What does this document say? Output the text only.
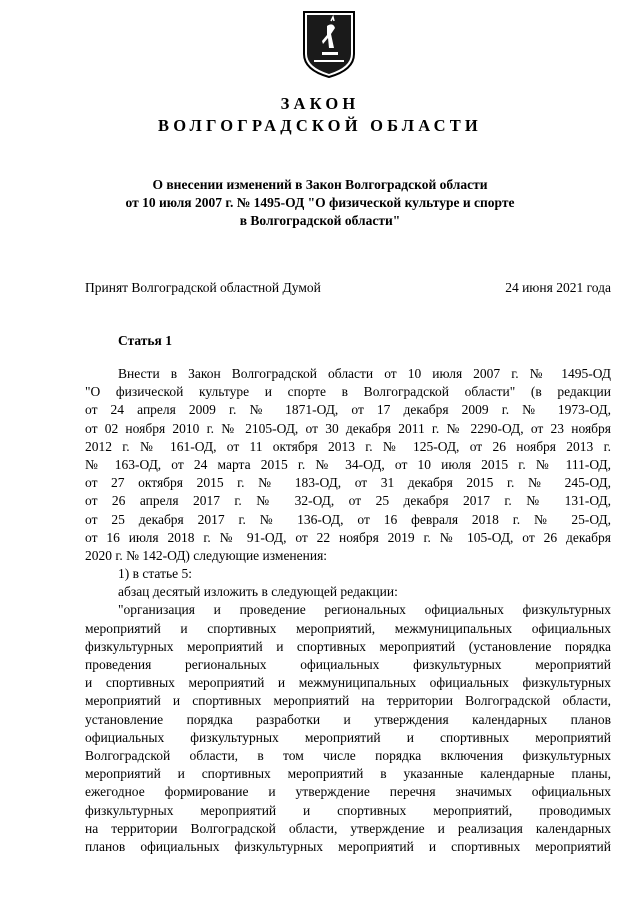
ЗАКОН
ВОЛГОГРАДСКОЙ ОБЛАСТИ
О внесении изменений в Закон Волгоградской области
от 10 июля 2007 г. № 1495-ОД "О физической культуре и спорте
в Волгоградской области"
Принят Волгоградской областной Думой	24 июня 2021 года
Статья 1
Внести в Закон Волгоградской области от 10 июля 2007 г. № 1495-ОД
"О физической культуре и спорте в Волгоградской области" (в редакции
от 24 апреля 2009 г. № 1871-ОД, от 17 декабря 2009 г. № 1973-ОД,
от 02 ноября 2010 г. № 2105-ОД, от 30 декабря 2011 г. № 2290-ОД, от 23 ноября
2012 г. № 161-ОД, от 11 октября 2013 г. № 125-ОД, от 26 ноября 2013 г.
№ 163-ОД, от 24 марта 2015 г. № 34-ОД, от 10 июля 2015 г. № 111-ОД,
от 27 октября 2015 г. № 183-ОД, от 31 декабря 2015 г. № 245-ОД,
от 26 апреля 2017 г. № 32-ОД, от 25 декабря 2017 г. № 131-ОД,
от 25 декабря 2017 г. № 136-ОД, от 16 февраля 2018 г. № 25-ОД,
от 16 июля 2018 г. № 91-ОД, от 22 ноября 2019 г. № 105-ОД, от 26 декабря
2020 г. № 142-ОД) следующие изменения:
1) в статье 5:
абзац десятый изложить в следующей редакции:
"организация и проведение региональных официальных физкультурных
мероприятий и спортивных мероприятий, межмуниципальных официальных
физкультурных мероприятий и спортивных мероприятий (установление порядка
проведения региональных официальных физкультурных мероприятий
и спортивных мероприятий и межмуниципальных официальных физкультурных
мероприятий и спортивных мероприятий на территории Волгоградской области,
установление порядка разработки и утверждения календарных планов
официальных физкультурных мероприятий и спортивных мероприятий
Волгоградской области, в том числе порядка включения физкультурных
мероприятий и спортивных мероприятий в указанные календарные планы,
ежегодное формирование и утверждение перечня значимых официальных
физкультурных мероприятий и спортивных мероприятий, проводимых
на территории Волгоградской области, утверждение и реализация календарных
планов официальных физкультурных мероприятий и спортивных мероприятий
